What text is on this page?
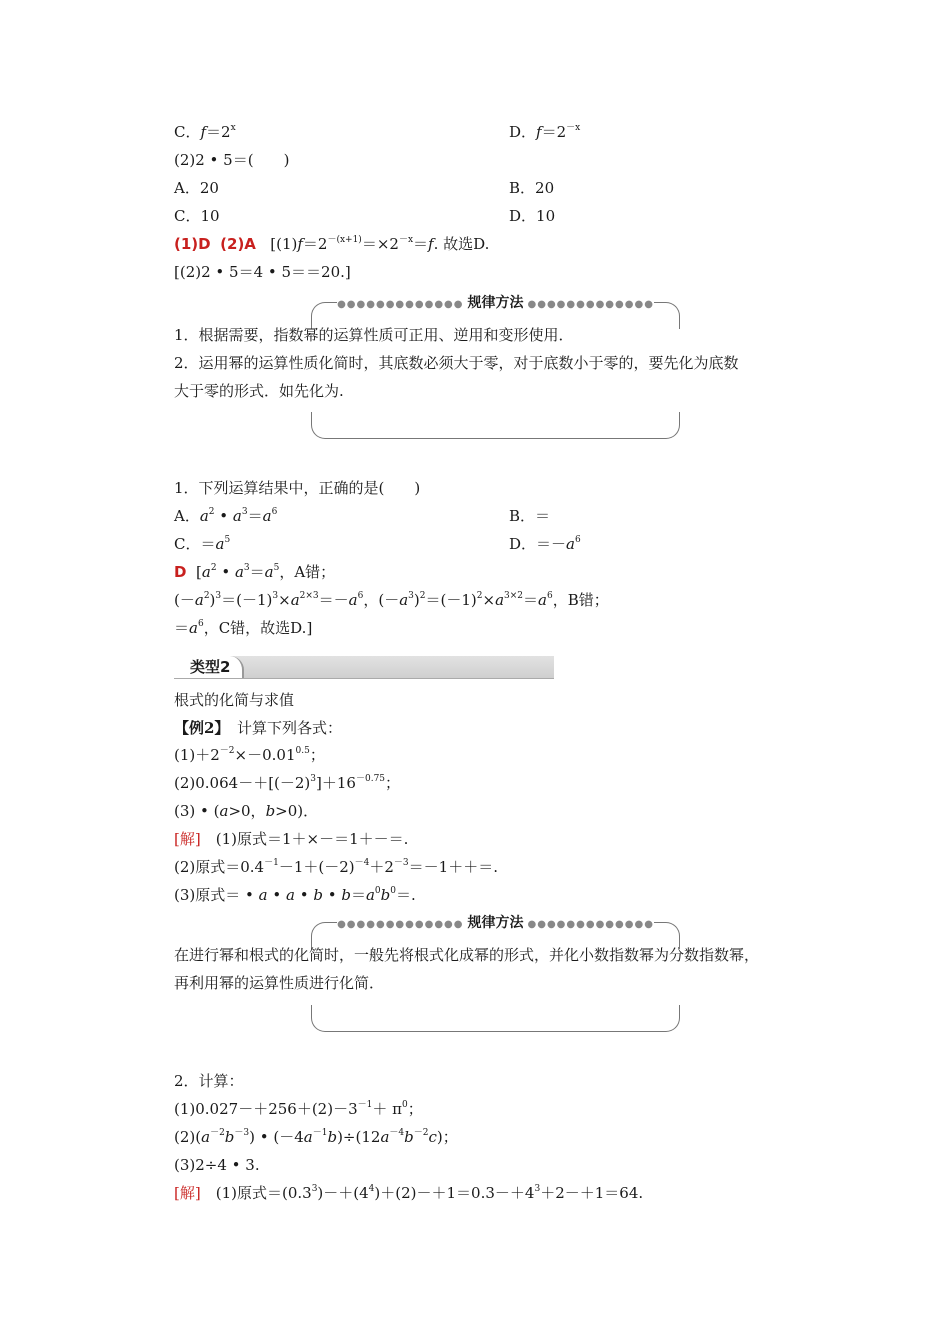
C．$f=2^x$	D．$f=2^{-x}$
(2)2 • 5＝(　　)
A．20	B．20
C．10	D．10
(1)D (2)A [$(1)f=2^{-(x+1)}=\times 2^{-x}=f$. 故选D.
[(2)2 • 5＝4 • 5＝＝20.]
●●●●●●●●●●●●● 规律方法 ●●●●●●●●●●●●●
1．根据需要，指数幂的运算性质可正用、逆用和变形使用．
2．运用幂的运算性质化简时，其底数必须大于零，对于底数小于零的，要先化为底数
大于零的形式．如先化为.
1．下列运算结果中，正确的是(　　)
A．$a^2$ • $a^3=a^6$	B．＝
C．$=a^5$	D．$=-a^6$
D [$a^2$ • $a^3=a^5$，A错；
$(-a^2)^3=(-1)^3\times a^{2\times 3}=-a^6$，$(-a^3)^2=(-1)^2\times a^{3\times 2}=a^6$，B错；
$=a^6$，C错，故选D.]
类型2
根式的化简与求值
【例2】　计算下列各式：
$(1)+2^{-2}\times-0.01^{0.5}$；
$(2)0.064-+[(-2)^3]+16^{-0.75}$；
(3) • (a>0，b>0)．
[解]　(1)原式＝1＋×－＝1＋－＝.
(2)原式$=0.4^{-1}-1+(-2)^{-4}+2^{-3}=-1++=$.
(3)原式＝ • a • a • b • $b=a^0b^0=$.
●●●●●●●●●●●●● 规律方法 ●●●●●●●●●●●●●
在进行幂和根式的化简时，一般先将根式化成幂的形式，并化小数指数幂为分数指数幂，
再利用幂的运算性质进行化简．
2．计算：
$(1)0.027-+256+(2)-3^{-1}+ \pi^0$；
$(2)(a^{-2}b^{-3})$ • $(-4a^{-1}b)\div(12a^{-4}b^{-2}c)$；
(3)2÷4 • 3.
[解]　(1)原式$=(0.3^3)-+(4^4)+(2)-+1=0.3-+4^3+2-+1=64$.
